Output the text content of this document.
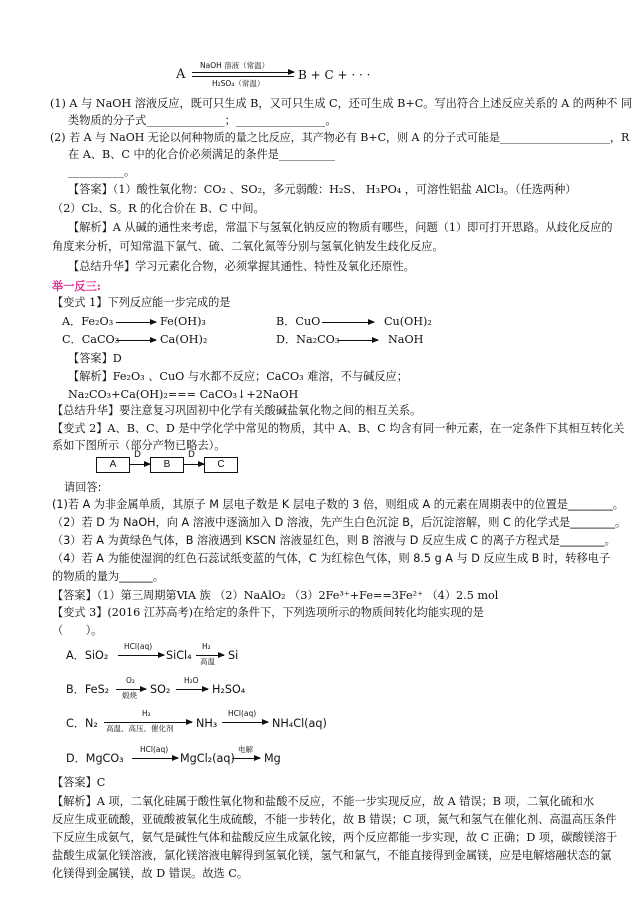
A
NaOH 溶液（常温）
H₂SO₄（常温）
B + C + · · ·
(1) A 与 NaOH 溶液反应，既可只生成 B，又可只生成 C，还可生成 B+C。写出符合上述反应关系的 A 的两种不 同
类物质的分子式______________；________________。
(2) 若 A 与 NaOH 无论以何种物质的量之比反应，其产物必有 B+C，则 A 的分子式可能是____________________，R
在 A、B、C 中的化合价必须满足的条件是__________
__________。
【答案】（1）酸性氧化物：CO₂ 、SO₂，多元弱酸：H₂S、 H₃PO₄ ，可溶性铝盐 AlCl₃。（任选两种）
（2）Cl₂、S。R 的化合价在 B、C 中间。
【解析】A 从碱的通性来考虑，常温下与氢氧化钠反应的物质有哪些，问题（1）即可打开思路。从歧化反应的
角度来分析，可知常温下氯气、硫、二氧化氮等分别与氢氧化钠发生歧化反应。
【总结升华】学习元素化合物，必须掌握其通性、特性及氧化还原性。
举一反三:
【变式 1】下列反应能一步完成的是
A．Fe₂O₃	Fe(OH)₃	B．CuO	Cu(OH)₂
C．CaCO₃	Ca(OH)₂	D．Na₂CO₃	NaOH
【答案】D
【解析】Fe₂O₃ 、CuO 与水都不反应；CaCO₃ 难溶，不与碱反应；
Na₂CO₃+Ca(OH)₂=== CaCO₃↓+2NaOH
【总结升华】要注意复习巩固初中化学有关酸碱盐氧化物之间的相互关系。
【变式 2】A、B、C、D 是中学化学中常见的物质，其中 A、B、C 均含有同一种元素，在一定条件下其相互转化关
系如下图所示（部分产物已略去）。
A
D
B
D
C
请回答:
(1)若 A 为非金属单质，其原子 M 层电子数是 K 层电子数的 3 倍，则组成 A 的元素在周期表中的位置是________。
（2）若 D 为 NaOH，向 A 溶液中逐滴加入 D 溶液，先产生白色沉淀 B，后沉淀溶解，则 C 的化学式是________。
（3）若 A 为黄绿色气体，B 溶液遇到 KSCN 溶液显红色，则 B 溶液与 D 反应生成 C 的离子方程式是________。
（4）若 A 为能使湿润的红色石蕊试纸变蓝的气体，C 为红棕色气体，则 8.5 g A 与 D 反应生成 B 时，转移电子
的物质的量为______。
【答案】（1）第三周期第ⅥA 族 （2）NaAlO₂ （3）2Fe³⁺+Fe==3Fe²⁺ （4）2.5 mol
【变式 3】(2016 江苏高考)在给定的条件下，下列选项所示的物质间转化均能实现的是
（　　）。
A．SiO₂
HCl(aq)
SiCl₄
H₂
高温 Si
B．FeS₂
O₂
煅烧 SO₂
H₂O
H₂SO₄
C．N₂
H₂
高温、高压、催化剂 NH₃
HCl(aq)
NH₄Cl(aq)
D．MgCO₃
HCl(aq)
MgCl₂(aq)
电解
Mg
【答案】C
【解析】A 项，二氧化硅属于酸性氧化物和盐酸不反应，不能一步实现反应，故 A 错误；B 项，二氧化硫和水
反应生成亚硫酸，亚硫酸被氧化生成硫酸，不能一步转化，故 B 错误；C 项，氮气和氢气在催化剂、高温高压条件
下反应生成氨气，氨气是碱性气体和盐酸反应生成氯化铵，两个反应都能一步实现，故 C 正确；D 项，碳酸镁溶于
盐酸生成氯化镁溶液，氯化镁溶液电解得到氢氧化镁，氢气和氯气，不能直接得到金属镁，应是电解熔融状态的氯
化镁得到金属镁，故 D 错误。故选 C。
